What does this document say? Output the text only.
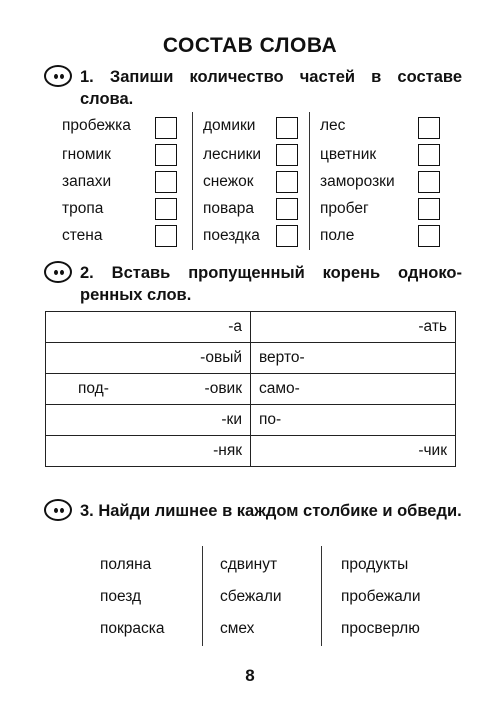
СОСТАВ СЛОВА
1. Запиши количество частей в составе слова.
пробежка
гномик
запахи
тропа
стена
домики
лесники
снежок
повара
поездка
лес
цветник
заморозки
пробег
поле
2. Вставь пропущенный корень одноко-ренных слов.
-а	-ать

-овый	верто-

под- -овик	само-

-ки	по-

-няк	-чик
3. Найди лишнее в каждом столбике и обведи.
поляна
поезд
покраска
сдвинут
сбежали
смех
продукты
пробежали
просверлю
8
